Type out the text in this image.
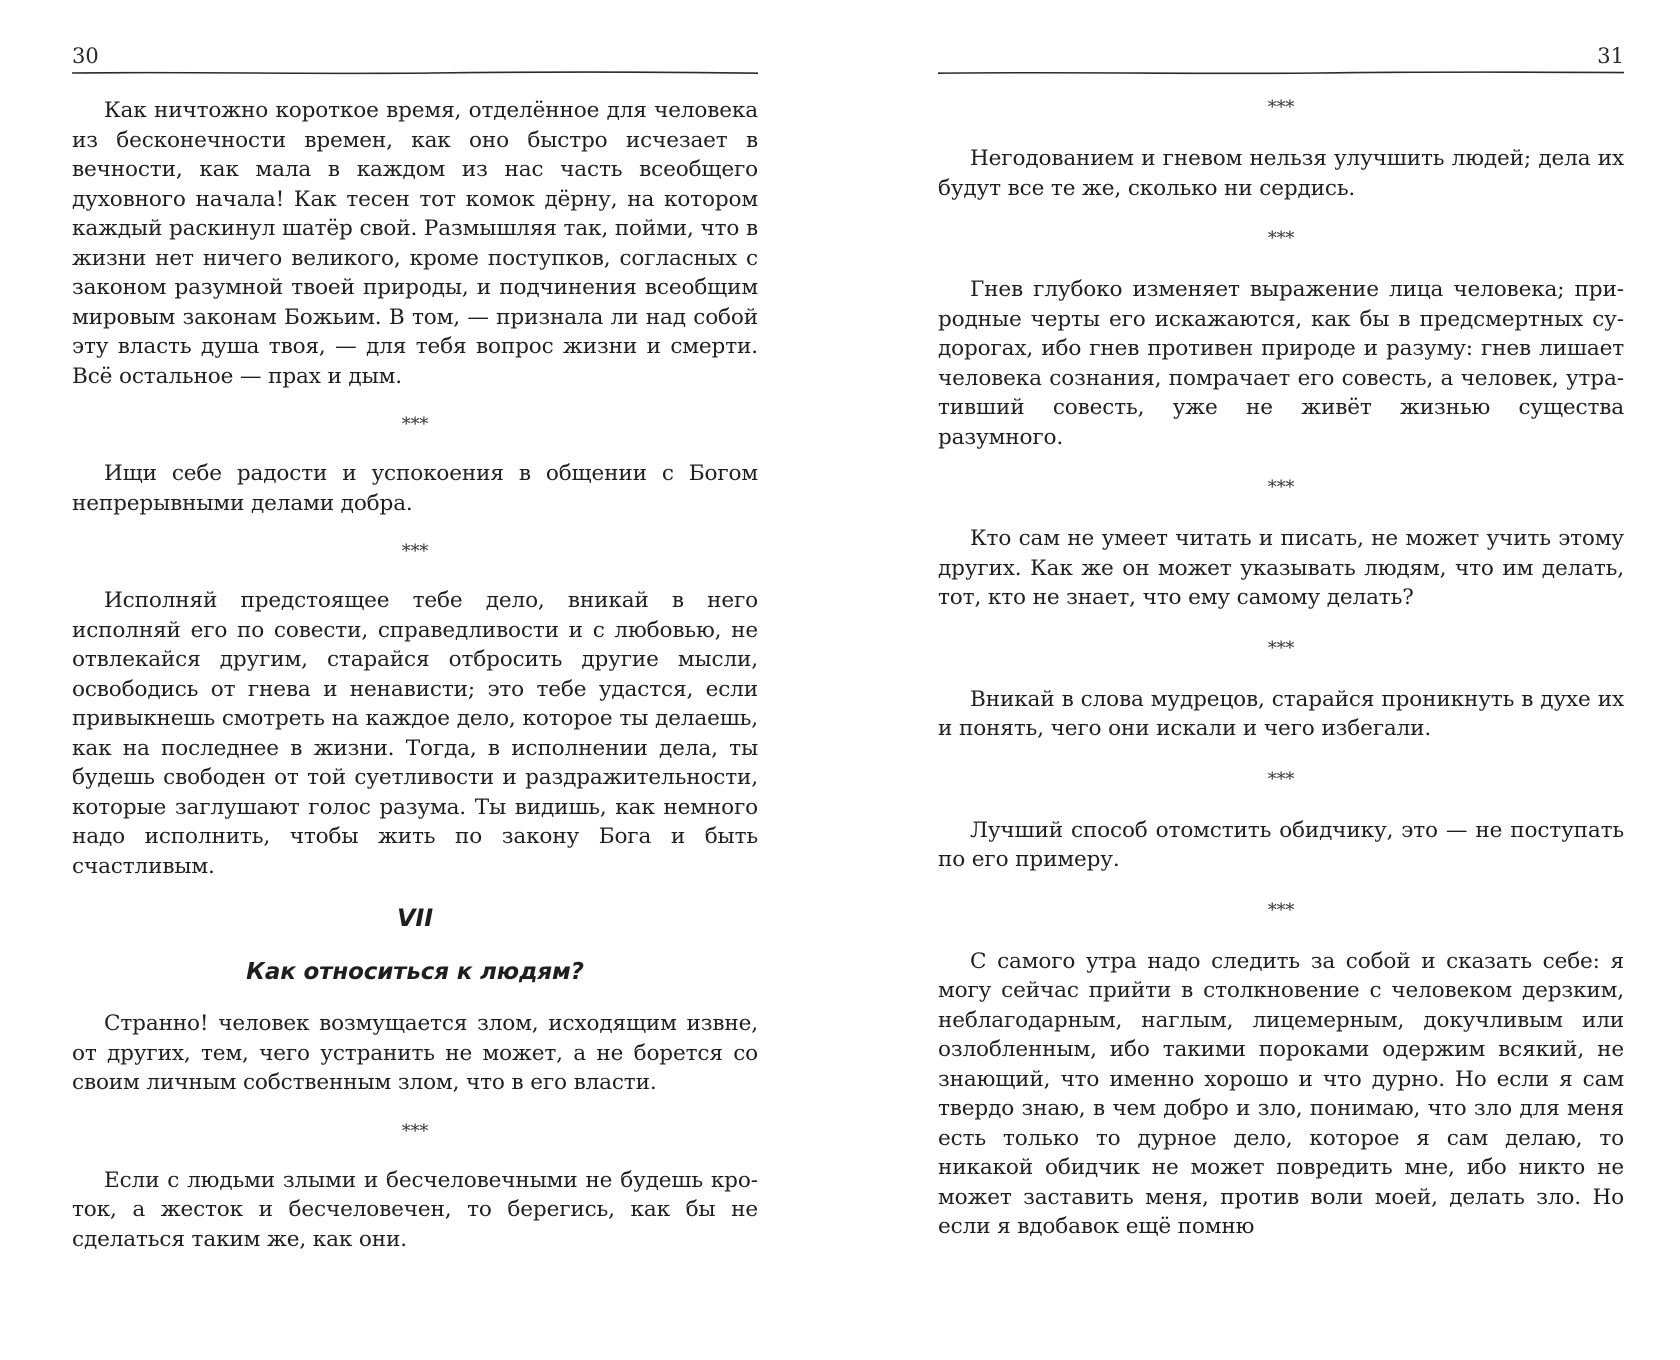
30

Как ничтожно короткое время, отделённое для человека из бесконечности времен, как оно быстро исчезает в вечности, как мала в каждом из нас часть всеобщего духовного начала! Как тесен тот комок дёрну, на котором каждый раскинул шатёр свой. Размышляя так, пойми, что в жизни нет ничего великого, кроме поступков, согласных с законом разумной твоей природы, и подчинения всеобщим мировым законам Божьим. В том, — признала ли над собой эту власть душа твоя, — для тебя вопрос жизни и смерти. Всё остальное — прах и дым.

***

Ищи себе радости и успокоения в общении с Богом непрерывными делами добра.

***

Исполняй предстоящее тебе дело, вникай в него исполняй его по совести, справедливости и с любовью, не отвлекайся другим, старайся отбросить другие мысли, освободись от гнева и ненависти; это тебе удастся, если привыкнешь смотреть на каждое дело, которое ты делаешь, как на последнее в жизни. Тогда, в исполнении дела, ты будешь свободен от той суетливости и раздражительности, которые заглушают голос разума. Ты видишь, как немного надо исполнить, чтобы жить по закону Бога и быть счастливым.

VII

Как относиться к людям?

Странно! человек возмущается злом, исходящим извне, от других, тем, чего устранить не может, а не борется со своим личным собственным злом, что в его власти.

***

Если с людьми злыми и бесчеловечными не будешь кроток, а жесток и бесчеловечен, то берегись, как бы не сделаться таким же, как они.

31

***

Негодованием и гневом нельзя улучшить людей; дела их будут все те же, сколько ни сердись.

***

Гнев глубоко изменяет выражение лица человека; природные черты его искажаются, как бы в предсмертных судорогах, ибо гнев противен природе и разуму: гнев лишает человека сознания, помрачает его совесть, а человек, утративший совесть, уже не живёт жизнью существа разумного.

***

Кто сам не умеет читать и писать, не может учить этому других. Как же он может указывать людям, что им делать, тот, кто не знает, что ему самому делать?

***

Вникай в слова мудрецов, старайся проникнуть в духе их и понять, чего они искали и чего избегали.

***

Лучший способ отомстить обидчику, это — не поступать по его примеру.

***

С самого утра надо следить за собой и сказать себе: я могу сейчас прийти в столкновение с человеком дерзким, неблагодарным, наглым, лицемерным, докучливым или озлобленным, ибо такими пороками одержим всякий, не знающий, что именно хорошо и что дурно. Но если я сам твердо знаю, в чем добро и зло, понимаю, что зло для меня есть только то дурное дело, которое я сам делаю, то никакой обидчик не может повредить мне, ибо никто не может заставить меня, против воли моей, делать зло. Но если я вдобавок ещё помню
